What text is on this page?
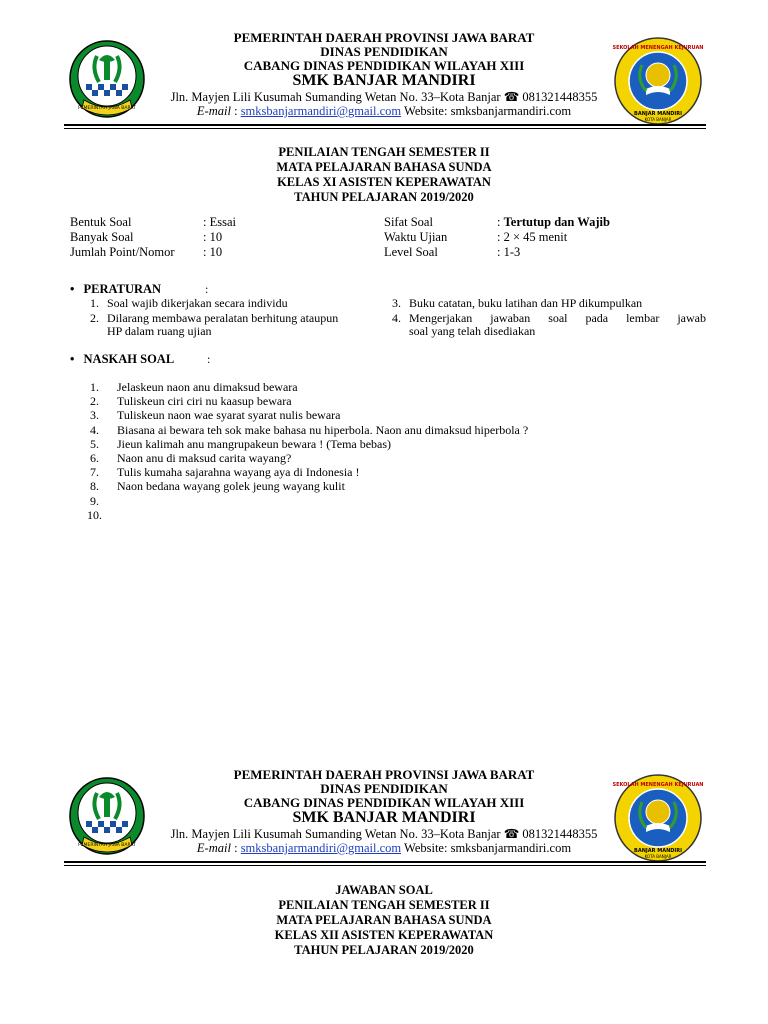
PEMERINTAH JAWA BARAT
SEKOLAH MENENGAH KEJURUAN
BANJAR MANDIRI
KOTA BANJAR
PEMERINTAH DAERAH PROVINSI JAWA BARAT
DINAS PENDIDIKAN
CABANG DINAS PENDIDIKAN WILAYAH XIII
SMK BANJAR MANDIRI
Jln. Mayjen Lili Kusumah Sumanding Wetan No. 33–Kota Banjar ☎ 081321448355
E-mail : smksbanjarmandiri@gmail.com Website: smksbanjarmandiri.com
PENILAIAN TENGAH SEMESTER II
MATA PELAJARAN BAHASA SUNDA
KELAS XI ASISTEN KEPERAWATAN
TAHUN PELAJARAN 2019/2020
Bentuk Soal	: Essai
Banyak Soal	: 10
Jumlah Point/Nomor : 10
Sifat Soal	: Tertutup dan Wajib
Waktu Ujian	: 2 × 45 menit
Level Soal	: 1-3
• PERATURAN	:
1. Soal wajib dikerjakan secara individu
2. Dilarang membawa peralatan berhitung ataupun
HP dalam ruang ujian
3. Buku catatan, buku latihan dan HP dikumpulkan
4. Mengerjakan jawaban soal pada lembar jawab
soal yang telah disediakan
• NASKAH SOAL	:
1. Jelaskeun naon anu dimaksud bewara
2. Tuliskeun ciri ciri nu kaasup bewara
3. Tuliskeun naon wae syarat syarat nulis bewara
4. Biasana ai bewara teh sok make bahasa nu hiperbola. Naon anu dimaksud hiperbola ?
5. Jieun kalimah anu mangrupakeun bewara ! (Tema bebas)
6. Naon anu di maksud carita wayang?
7. Tulis kumaha sajarahna wayang aya di Indonesia !
8. Naon bedana wayang golek jeung wayang kulit
9.
10.
PEMERINTAH JAWA BARAT
SEKOLAH MENENGAH KEJURUAN
BANJAR MANDIRI
KOTA BANJAR
PEMERINTAH DAERAH PROVINSI JAWA BARAT
DINAS PENDIDIKAN
CABANG DINAS PENDIDIKAN WILAYAH XIII
SMK BANJAR MANDIRI
Jln. Mayjen Lili Kusumah Sumanding Wetan No. 33–Kota Banjar ☎ 081321448355
E-mail : smksbanjarmandiri@gmail.com Website: smksbanjarmandiri.com
JAWABAN SOAL
PENILAIAN TENGAH SEMESTER II
MATA PELAJARAN BAHASA SUNDA
KELAS XII ASISTEN KEPERAWATAN
TAHUN PELAJARAN 2019/2020
